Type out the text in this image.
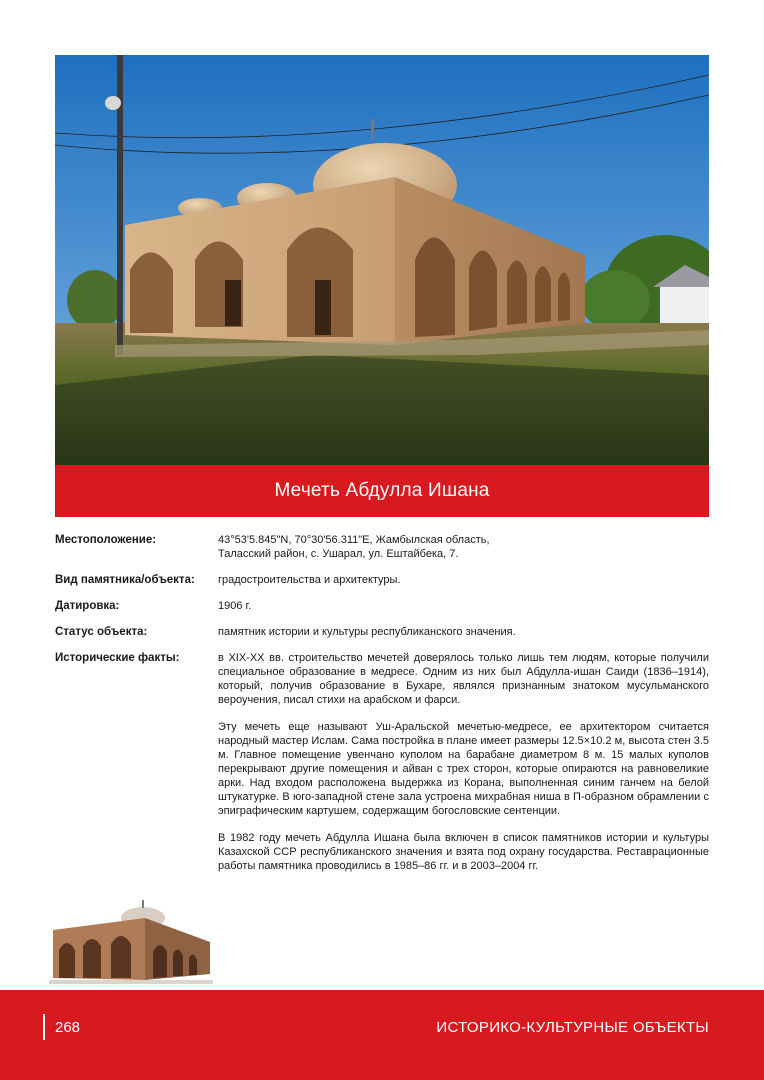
Мечеть Абдулла Ишана
Местоположение:	43°53'5.845"N, 70°30'56.311"E, Жамбылская область,
Таласский район, с. Ушарал, ул. Ештайбека, 7.
Вид памятника/объекта:	градостроительства и архитектуры.
Датировка:	1906 г.
Статус объекта:	памятник истории и культуры республиканского значения.
Исторические факты:	в XIX-XX вв. строительство мечетей доверялось только лишь тем людям, которые получили специальное образование в медресе. Одним из них был Абдулла-ишан Саиди (1836–1914), который, получив образование в Бухаре, являлся признанным знатоком мусульманского вероучения, писал стихи на арабском и фарси.

Эту мечеть еще называют Уш-Аральской мечетью-медресе, ее архитектором считается народный мастер Ислам. Сама постройка в плане имеет размеры 12.5×10.2 м, высота стен 3.5 м. Главное помещение увенчано куполом на барабане диаметром 8 м. 15 малых куполов перекрывают другие помещения и айван с трех сторон, которые опираются на равновеликие арки. Над входом расположена выдержка из Корана, выполненная синим ганчем на белой штукатурке. В юго-западной стене зала устроена михрабная ниша в П-образном обрамлении с эпиграфическим картушем, содержащим богословские сентенции.

В 1982 году мечеть Абдулла Ишана была включен в список памятников истории и культуры Казахской ССР республиканского значения и взята под охрану государства. Реставрационные работы памятника проводились в 1985–86 гг. и в 2003–2004 гг.

268	ИСТОРИКО-КУЛЬТУРНЫЕ ОБЪЕКТЫ
